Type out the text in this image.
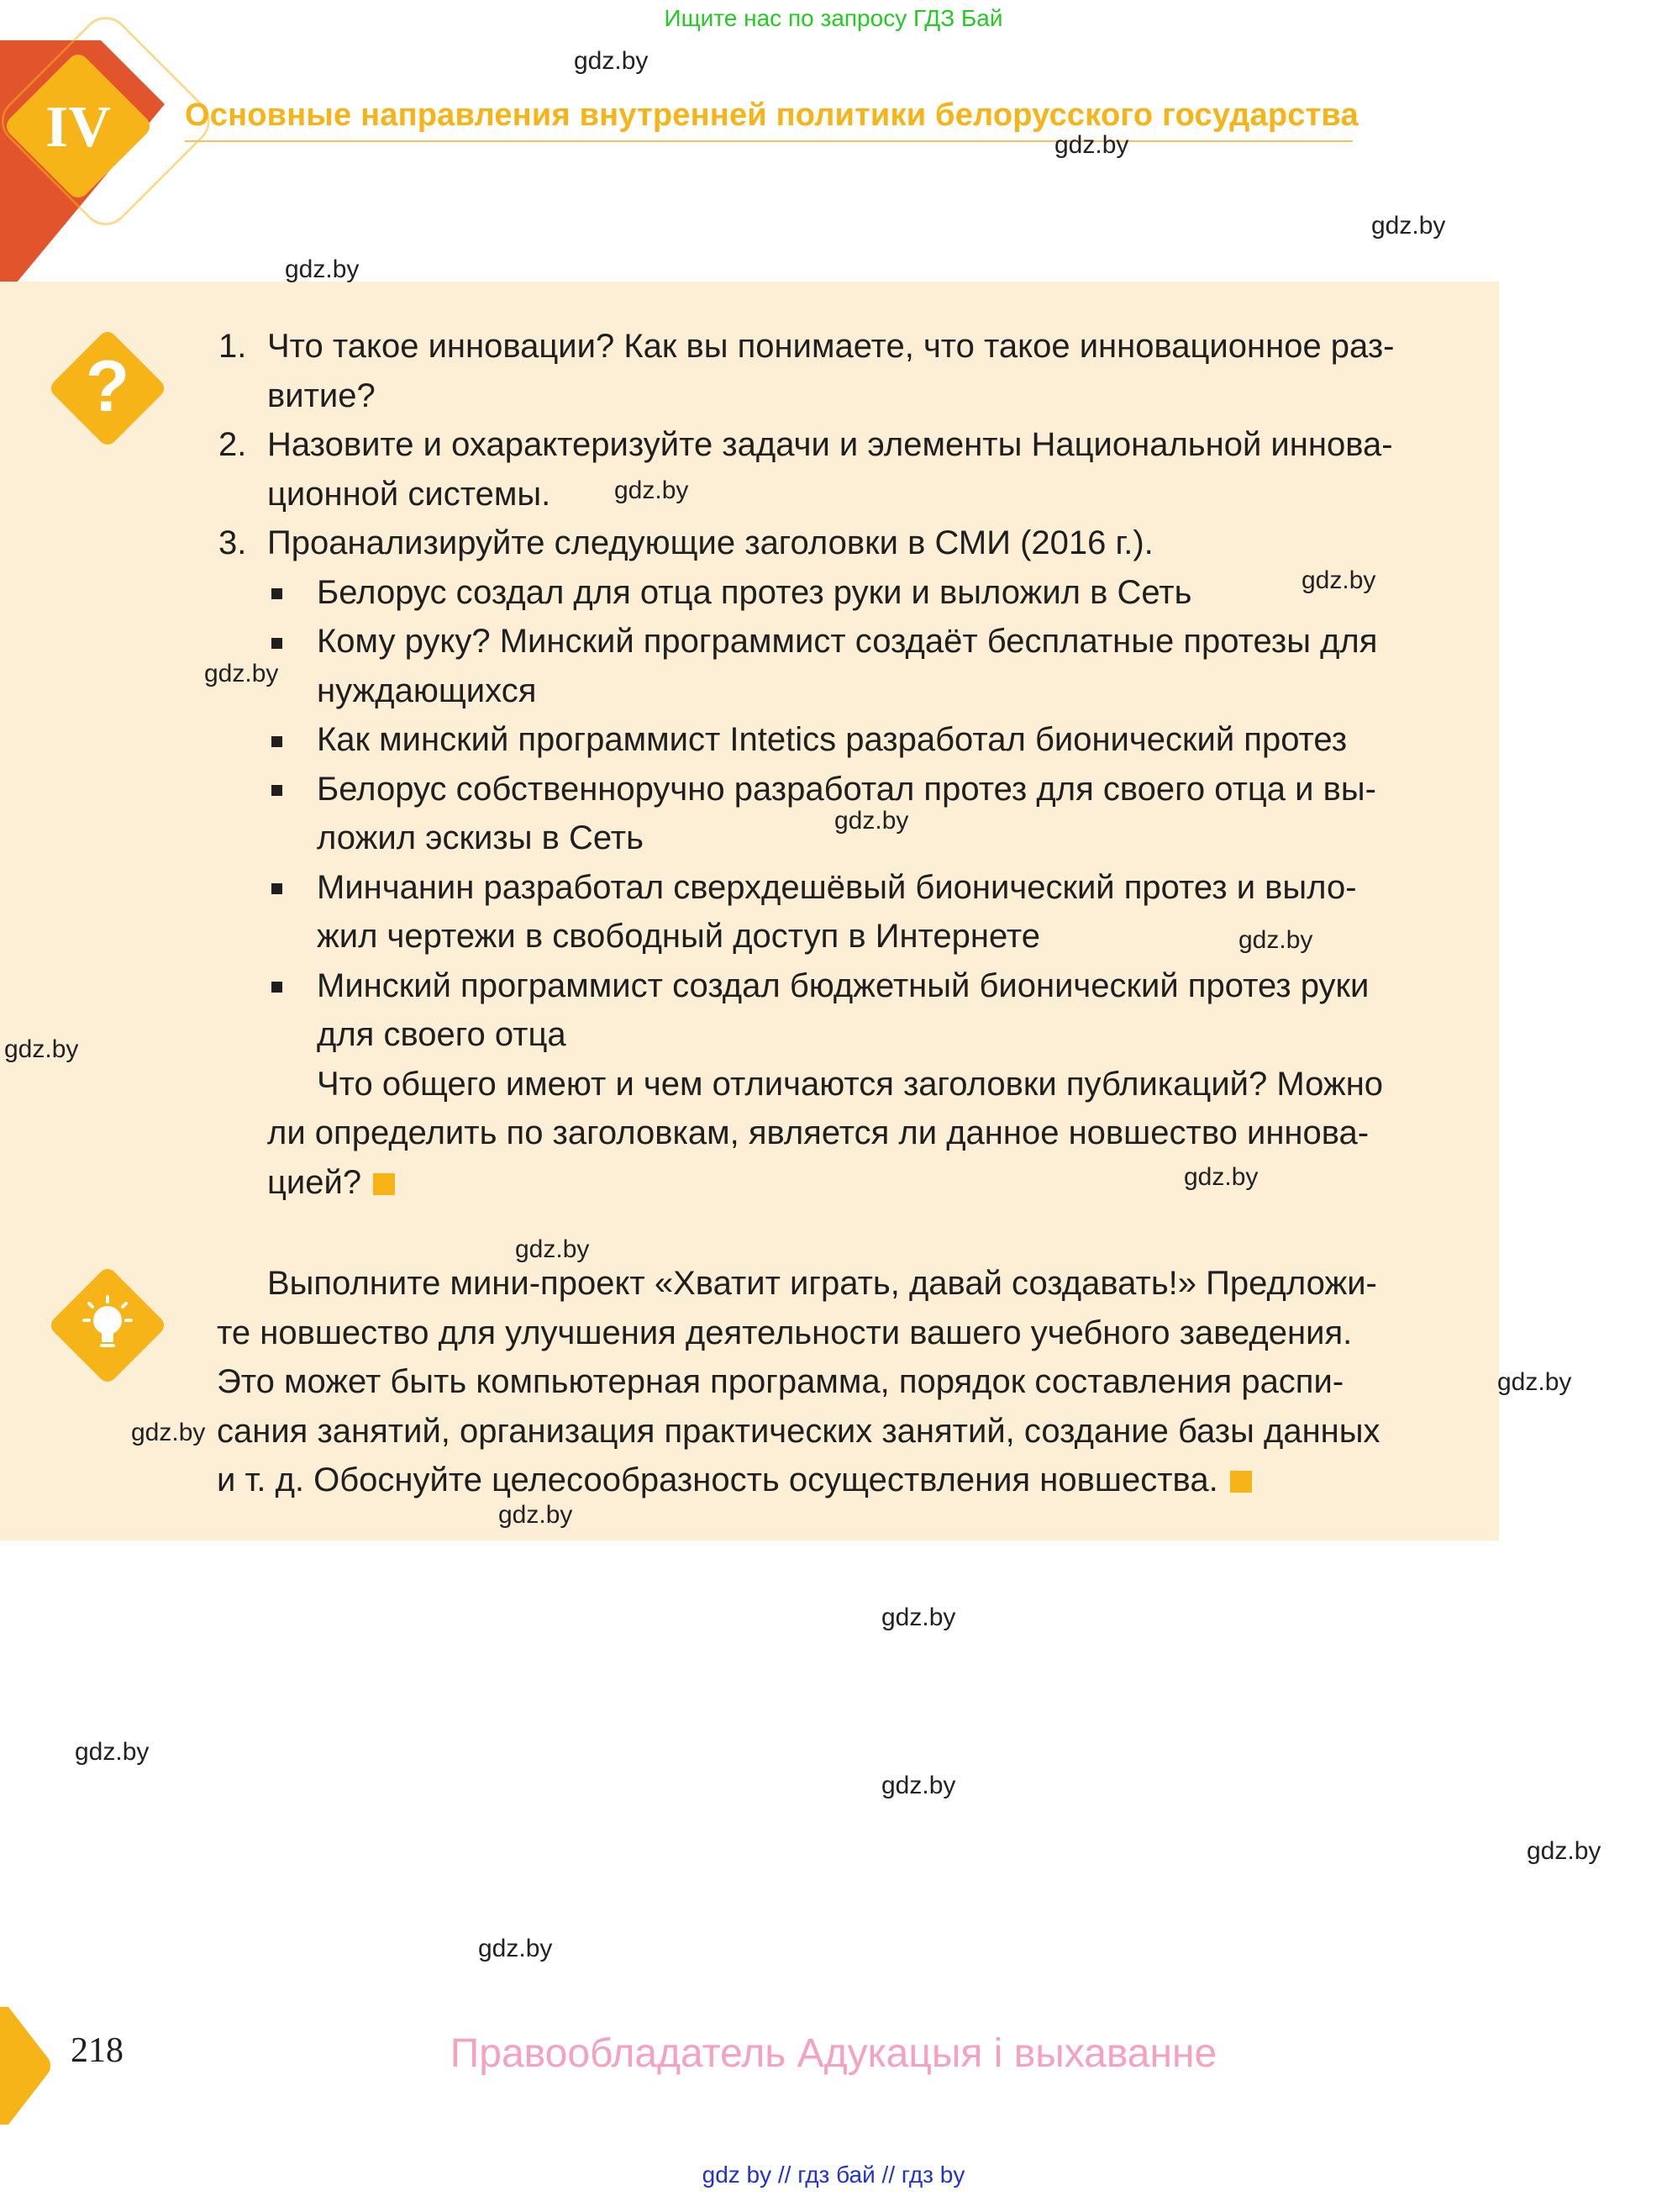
Ищите нас по запросу ГДЗ Бай
IV	Основные направления внутренней политики белорусского государства
?	1. Что такое инновации? Как вы понимаете, что такое инновационное раз-
витие?
2. Назовите и охарактеризуйте задачи и элементы Национальной иннова-
ционной системы.
3. Проанализируйте следующие заголовки в СМИ (2016 г.).
Белорус создал для отца протез руки и выложил в Сеть
Кому руку? Минский программист создаёт бесплатные протезы для
нуждающихся
Как минский программист Intetics разработал бионический протез
Белорус собственноручно разработал протез для своего отца и вы-
ложил эскизы в Сеть
Минчанин разработал сверхдешёвый бионический протез и выло-
жил чертежи в свободный доступ в Интернете
Минский программист создал бюджетный бионический протез руки
для своего отца
Что общего имеют и чем отличаются заголовки публикаций? Можно
ли определить по заголовкам, является ли данное новшество иннова-
цией?
Выполните мини-проект «Хватит играть, давай создавать!» Предложи-
те новшество для улучшения деятельности вашего учебного заведения.
Это может быть компьютерная программа, порядок составления распи-
сания занятий, организация практических занятий, создание базы данных
и т. д. Обоснуйте целесообразность осуществления новшества.
gdz.by
gdz.by
gdz.by
gdz.by
gdz.by
gdz.by
gdz.by
gdz.by
gdz.by
gdz.by
gdz.by
gdz.by
gdz.by
gdz.by
gdz.by
gdz.by
gdz.by
gdz.by
gdz.by
gdz.by
218	Правообладатель Адукацыя і выхаванне
gdz by // гдз бай // гдз by
